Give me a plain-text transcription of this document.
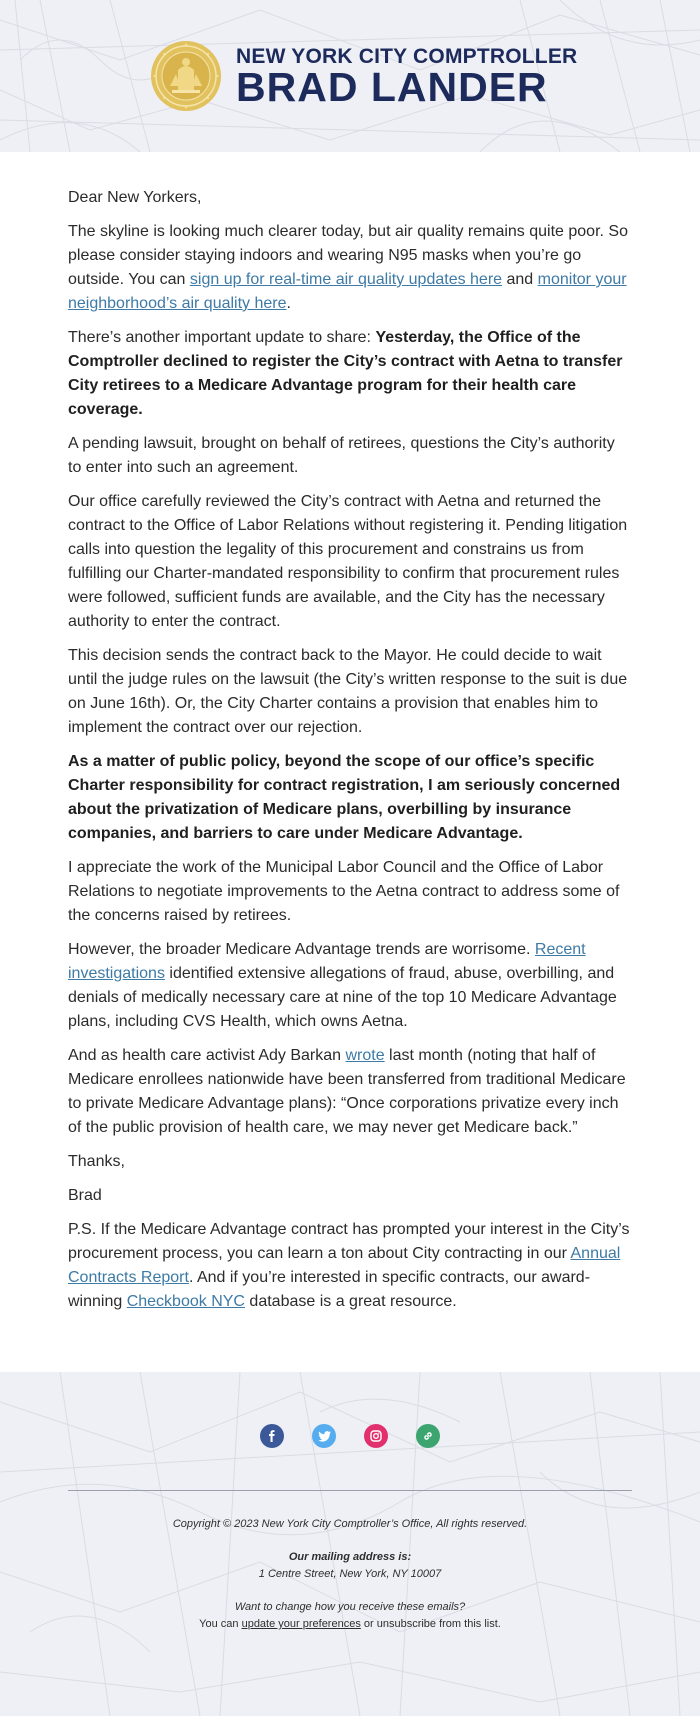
NEW YORK CITY COMPTROLLER
BRAD LANDER

Dear New Yorkers,

The skyline is looking much clearer today, but air quality remains quite poor. So please consider staying indoors and wearing N95 masks when you’re go outside. You can sign up for real-time air quality updates here and monitor your neighborhood’s air quality here.

There’s another important update to share: Yesterday, the Office of the Comptroller declined to register the City’s contract with Aetna to transfer City retirees to a Medicare Advantage program for their health care coverage.

A pending lawsuit, brought on behalf of retirees, questions the City’s authority to enter into such an agreement.

Our office carefully reviewed the City’s contract with Aetna and returned the contract to the Office of Labor Relations without registering it. Pending litigation calls into question the legality of this procurement and constrains us from fulfilling our Charter-mandated responsibility to confirm that procurement rules were followed, sufficient funds are available, and the City has the necessary authority to enter the contract.

This decision sends the contract back to the Mayor. He could decide to wait until the judge rules on the lawsuit (the City’s written response to the suit is due on June 16th). Or, the City Charter contains a provision that enables him to implement the contract over our rejection.

As a matter of public policy, beyond the scope of our office’s specific Charter responsibility for contract registration, I am seriously concerned about the privatization of Medicare plans, overbilling by insurance companies, and barriers to care under Medicare Advantage.

I appreciate the work of the Municipal Labor Council and the Office of Labor Relations to negotiate improvements to the Aetna contract to address some of the concerns raised by retirees.

However, the broader Medicare Advantage trends are worrisome. Recent investigations identified extensive allegations of fraud, abuse, overbilling, and denials of medically necessary care at nine of the top 10 Medicare Advantage plans, including CVS Health, which owns Aetna.

And as health care activist Ady Barkan wrote last month (noting that half of Medicare enrollees nationwide have been transferred from traditional Medicare to private Medicare Advantage plans): “Once corporations privatize every inch of the public provision of health care, we may never get Medicare back.”

Thanks,

Brad

P.S. If the Medicare Advantage contract has prompted your interest in the City’s procurement process, you can learn a ton about City contracting in our Annual Contracts Report. And if you’re interested in specific contracts, our award-winning Checkbook NYC database is a great resource.

Copyright © 2023 New York City Comptroller’s Office, All rights reserved.
Our mailing address is:
1 Centre Street, New York, NY 10007
Want to change how you receive these emails?
You can update your preferences or unsubscribe from this list.
